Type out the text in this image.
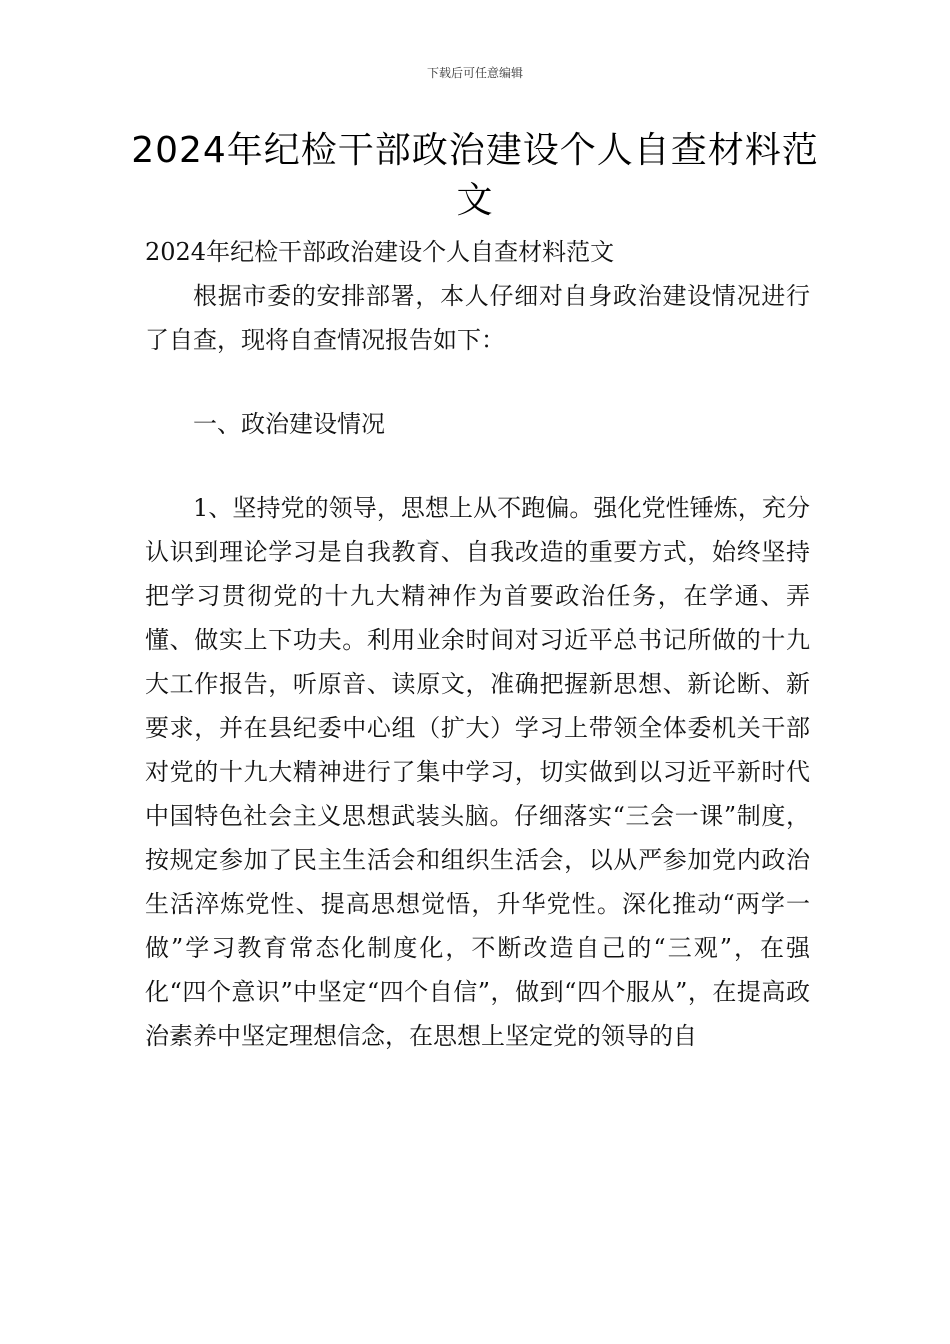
下载后可任意编辑
2024年纪检干部政治建设个人自查材料范文

2024年纪检干部政治建设个人自查材料范文

根据市委的安排部署，本人仔细对自身政治建设情况进行了自查，现将自查情况报告如下：

一、政治建设情况

1、坚持党的领导，思想上从不跑偏。强化党性锤炼，充分认识到理论学习是自我教育、自我改造的重要方式，始终坚持把学习贯彻党的十九大精神作为首要政治任务，在学通、弄懂、做实上下功夫。利用业余时间对习近平总书记所做的十九大工作报告，听原音、读原文，准确把握新思想、新论断、新要求，并在县纪委中心组（扩大）学习上带领全体委机关干部对党的十九大精神进行了集中学习，切实做到以习近平新时代中国特色社会主义思想武装头脑。仔细落实“三会一课”制度，按规定参加了民主生活会和组织生活会，以从严参加党内政治生活淬炼党性、提高思想觉悟，升华党性。深化推动“两学一做”学习教育常态化制度化，不断改造自己的“三观”，在强化“四个意识”中坚定“四个自信”，做到“四个服从”，在提高政治素养中坚定理想信念，在思想上坚定党的领导的自
